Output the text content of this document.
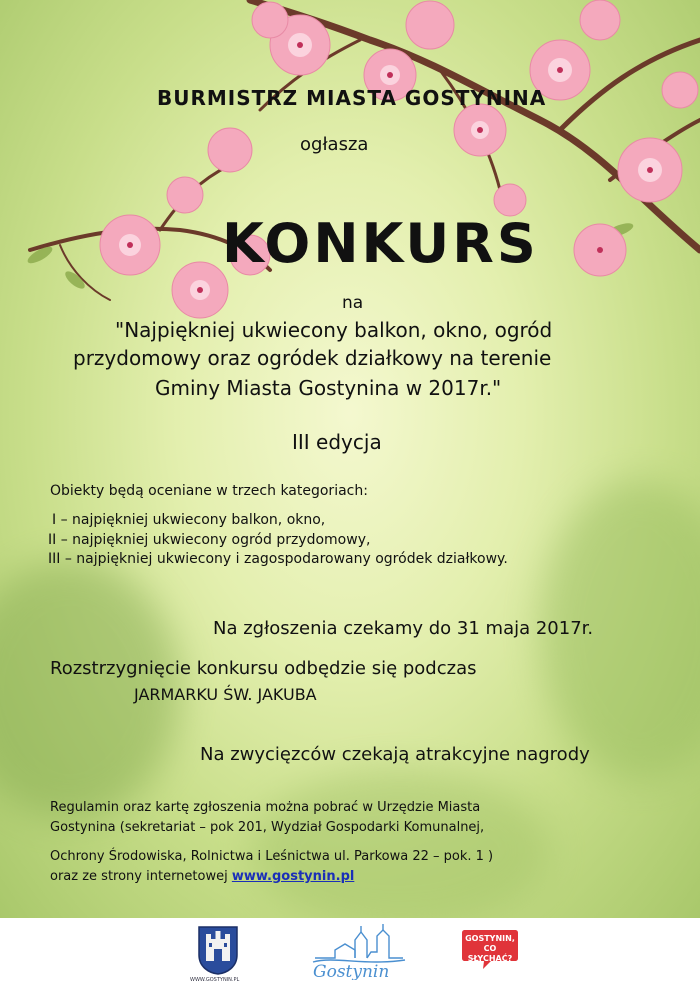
BURMISTRZ MIASTA GOSTYNINA

ogłasza

KONKURS

na

"Najpiękniej ukwiecony balkon, okno, ogród

przydomowy oraz ogródek działkowy na terenie

Gminy Miasta Gostynina w 2017r."

III edycja

Obiekty będą oceniane w trzech kategoriach:

I – najpiękniej ukwiecony balkon, okno,

II – najpiękniej ukwiecony ogród przydomowy,

III – najpiękniej ukwiecony i zagospodarowany ogródek działkowy.

Na zgłoszenia czekamy do 31 maja 2017r.

Rozstrzygnięcie konkursu odbędzie się podczas

JARMARKU ŚW. JAKUBA

Na zwycięzców czekają atrakcyjne nagrody

Regulamin oraz kartę zgłoszenia można pobrać w Urzędzie Miasta

Gostynina (sekretariat – pok 201, Wydział Gospodarki Komunalnej,

Ochrony Środowiska, Rolnictwa i Leśnictwa ul. Parkowa 22 – pok. 1 )

oraz ze strony internetowej www.gostynin.pl

WWW.GOSTYNIN.PL	Gostynin
GOSTYNIN,
CO
SŁYCHAĆ?
